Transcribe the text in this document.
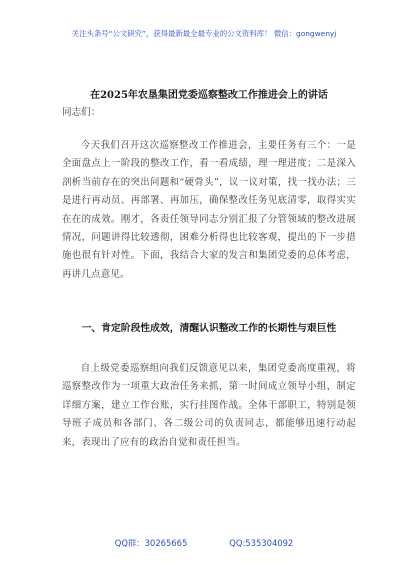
关注头条号“公文研究”，获得最新最全最专业的公文资料库！ 微信：gongwenyj
在2025年农垦集团党委巡察整改工作推进会上的讲话
同志们：

今天我们召开这次巡察整改工作推进会，主要任务有三个：一是全面盘点上一阶段的整改工作，看一看成绩，理一理进度；二是深入剖析当前存在的突出问题和“硬骨头”，议一议对策，找一找办法；三是进行再动员、再部署、再加压，确保整改任务见底清零，取得实实在在的成效。刚才，各责任领导同志分别汇报了分管领域的整改进展情况，问题讲得比较透彻，困难分析得也比较客观，提出的下一步措施也很有针对性。下面，我结合大家的发言和集团党委的总体考虑，再讲几点意见。

一、肯定阶段性成效，清醒认识整改工作的长期性与艰巨性

自上级党委巡察组向我们反馈意见以来，集团党委高度重视，将巡察整改作为一项重大政治任务来抓，第一时间成立领导小组，制定详细方案，建立工作台账，实行挂图作战。全体干部职工，特别是领导班子成员和各部门、各二级公司的负责同志，都能够迅速行动起来，表现出了应有的政治自觉和责任担当。

QQ群：30265665	QQ:535304092
